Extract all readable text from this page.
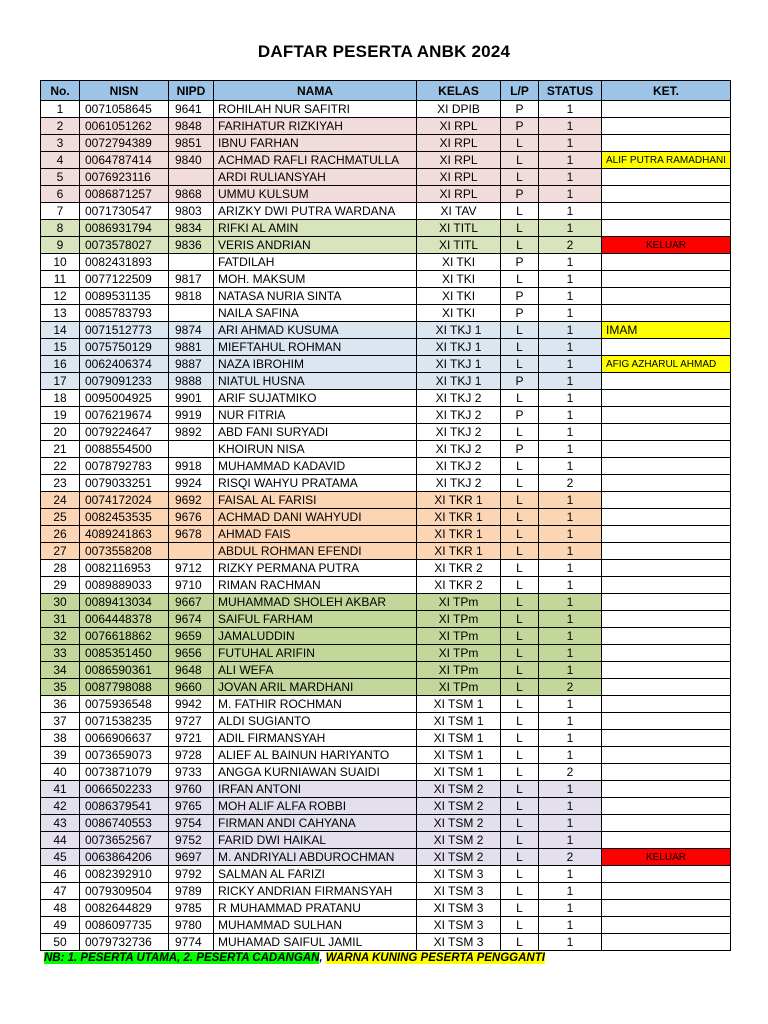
DAFTAR PESERTA ANBK 2024
No.	NISN	NIPD	NAMA	KELAS	L/P	STATUS	KET.
1	0071058645	9641	ROHILAH NUR SAFITRI	XI DPIB	P	1	
2	0061051262	9848	FARIHATUR RIZKIYAH	XI RPL	P	1	
3	0072794389	9851	IBNU FARHAN	XI RPL	L	1	
4	0064787414	9840	ACHMAD RAFLI RACHMATULLA	XI RPL	L	1	ALIF PUTRA RAMADHANI
5	0076923116		ARDI RULIANSYAH	XI RPL	L	1	
6	0086871257	9868	UMMU KULSUM	XI RPL	P	1	
7	0071730547	9803	ARIZKY DWI PUTRA WARDANA	XI TAV	L	1	
8	0086931794	9834	RIFKI AL AMIN	XI TITL	L	1	
9	0073578027	9836	VERIS ANDRIAN	XI TITL	L	2	KELUAR
10	0082431893		FATDILAH	XI TKI	P	1	
11	0077122509	9817	MOH. MAKSUM	XI TKI	L	1	
12	0089531135	9818	NATASA NURIA SINTA	XI TKI	P	1	
13	0085783793		NAILA SAFINA	XI TKI	P	1	
14	0071512773	9874	ARI AHMAD KUSUMA	XI TKJ 1	L	1	IMAM
15	0075750129	9881	MIEFTAHUL ROHMAN	XI TKJ 1	L	1	
16	0062406374	9887	NAZA IBROHIM	XI TKJ 1	L	1	AFIG AZHARUL AHMAD
17	0079091233	9888	NIATUL HUSNA	XI TKJ 1	P	1	
18	0095004925	9901	ARIF SUJATMIKO	XI TKJ 2	L	1	
19	0076219674	9919	NUR FITRIA	XI TKJ 2	P	1	
20	0079224647	9892	ABD FANI SURYADI	XI TKJ 2	L	1	
21	0088554500		KHOIRUN NISA	XI TKJ 2	P	1	
22	0078792783	9918	MUHAMMAD KADAVID	XI TKJ 2	L	1	
23	0079033251	9924	RISQI WAHYU PRATAMA	XI TKJ 2	L	2	
24	0074172024	9692	FAISAL AL FARISI	XI TKR 1	L	1	
25	0082453535	9676	ACHMAD DANI WAHYUDI	XI TKR 1	L	1	
26	4089241863	9678	AHMAD FAIS	XI TKR 1	L	1	
27	0073558208		ABDUL ROHMAN EFENDI	XI TKR 1	L	1	
28	0082116953	9712	RIZKY PERMANA PUTRA	XI TKR 2	L	1	
29	0089889033	9710	RIMAN RACHMAN	XI TKR 2	L	1	
30	0089413034	9667	MUHAMMAD SHOLEH AKBAR	XI TPm	L	1	
31	0064448378	9674	SAIFUL FARHAM	XI TPm	L	1	
32	0076618862	9659	JAMALUDDIN	XI TPm	L	1	
33	0085351450	9656	FUTUHAL ARIFIN	XI TPm	L	1	
34	0086590361	9648	ALI WEFA	XI TPm	L	1	
35	0087798088	9660	JOVAN ARIL MARDHANI	XI TPm	L	2	
36	0075936548	9942	M. FATHIR ROCHMAN	XI TSM 1	L	1	
37	0071538235	9727	ALDI SUGIANTO	XI TSM 1	L	1	
38	0066906637	9721	ADIL FIRMANSYAH	XI TSM 1	L	1	
39	0073659073	9728	ALIEF AL BAINUN HARIYANTO	XI TSM 1	L	1	
40	0073871079	9733	ANGGA KURNIAWAN SUAIDI	XI TSM 1	L	2	
41	0066502233	9760	IRFAN ANTONI	XI TSM 2	L	1	
42	0086379541	9765	MOH ALIF ALFA ROBBI	XI TSM 2	L	1	
43	0086740553	9754	FIRMAN ANDI CAHYANA	XI TSM 2	L	1	
44	0073652567	9752	FARID DWI HAIKAL	XI TSM 2	L	1	
45	0063864206	9697	M. ANDRIYALI ABDUROCHMAN	XI TSM 2	L	2	KELUAR
46	0082392910	9792	SALMAN AL FARIZI	XI TSM 3	L	1	
47	0079309504	9789	RICKY ANDRIAN FIRMANSYAH	XI TSM 3	L	1	
48	0082644829	9785	R MUHAMMAD PRATANU	XI TSM 3	L	1	
49	0086097735	9780	MUHAMMAD SULHAN	XI TSM 3	L	1	
50	0079732736	9774	MUHAMAD SAIFUL JAMIL	XI TSM 3	L	1	
NB: 1. PESERTA UTAMA, 2. PESERTA CADANGAN, WARNA KUNING PESERTA PENGGANTI
